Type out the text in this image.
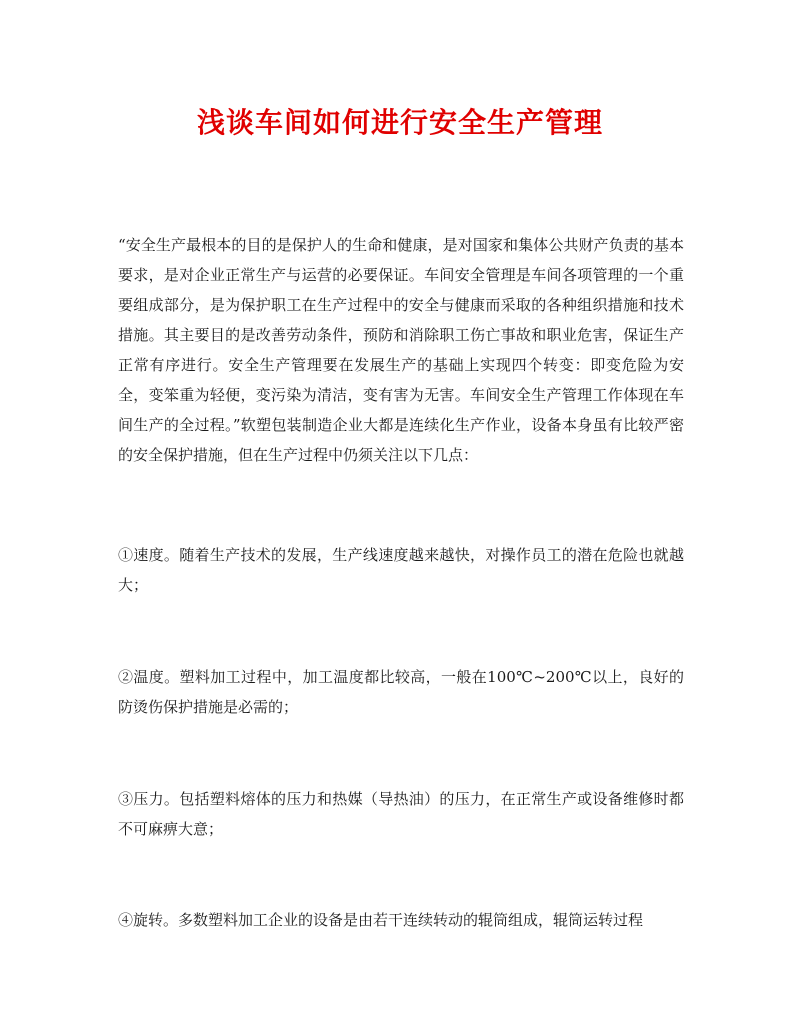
浅谈车间如何进行安全生产管理

“安全生产最根本的目的是保护人的生命和健康，是对国家和集体公共财产负责的基本要求，是对企业正常生产与运营的必要保证。车间安全管理是车间各项管理的一个重要组成部分，是为保护职工在生产过程中的安全与健康而采取的各种组织措施和技术措施。其主要目的是改善劳动条件，预防和消除职工伤亡事故和职业危害，保证生产正常有序进行。安全生产管理要在发展生产的基础上实现四个转变：即变危险为安全，变笨重为轻便，变污染为清洁，变有害为无害。车间安全生产管理工作体现在车间生产的全过程。”软塑包装制造企业大都是连续化生产作业，设备本身虽有比较严密的安全保护措施，但在生产过程中仍须关注以下几点：

①速度。随着生产技术的发展，生产线速度越来越快，对操作员工的潜在危险也就越大；

②温度。塑料加工过程中，加工温度都比较高，一般在100℃~200℃以上，良好的防烫伤保护措施是必需的；

③压力。包括塑料熔体的压力和热媒（导热油）的压力，在正常生产或设备维修时都不可麻痹大意；

④旋转。多数塑料加工企业的设备是由若干连续转动的辊筒组成，辊筒运转过程
